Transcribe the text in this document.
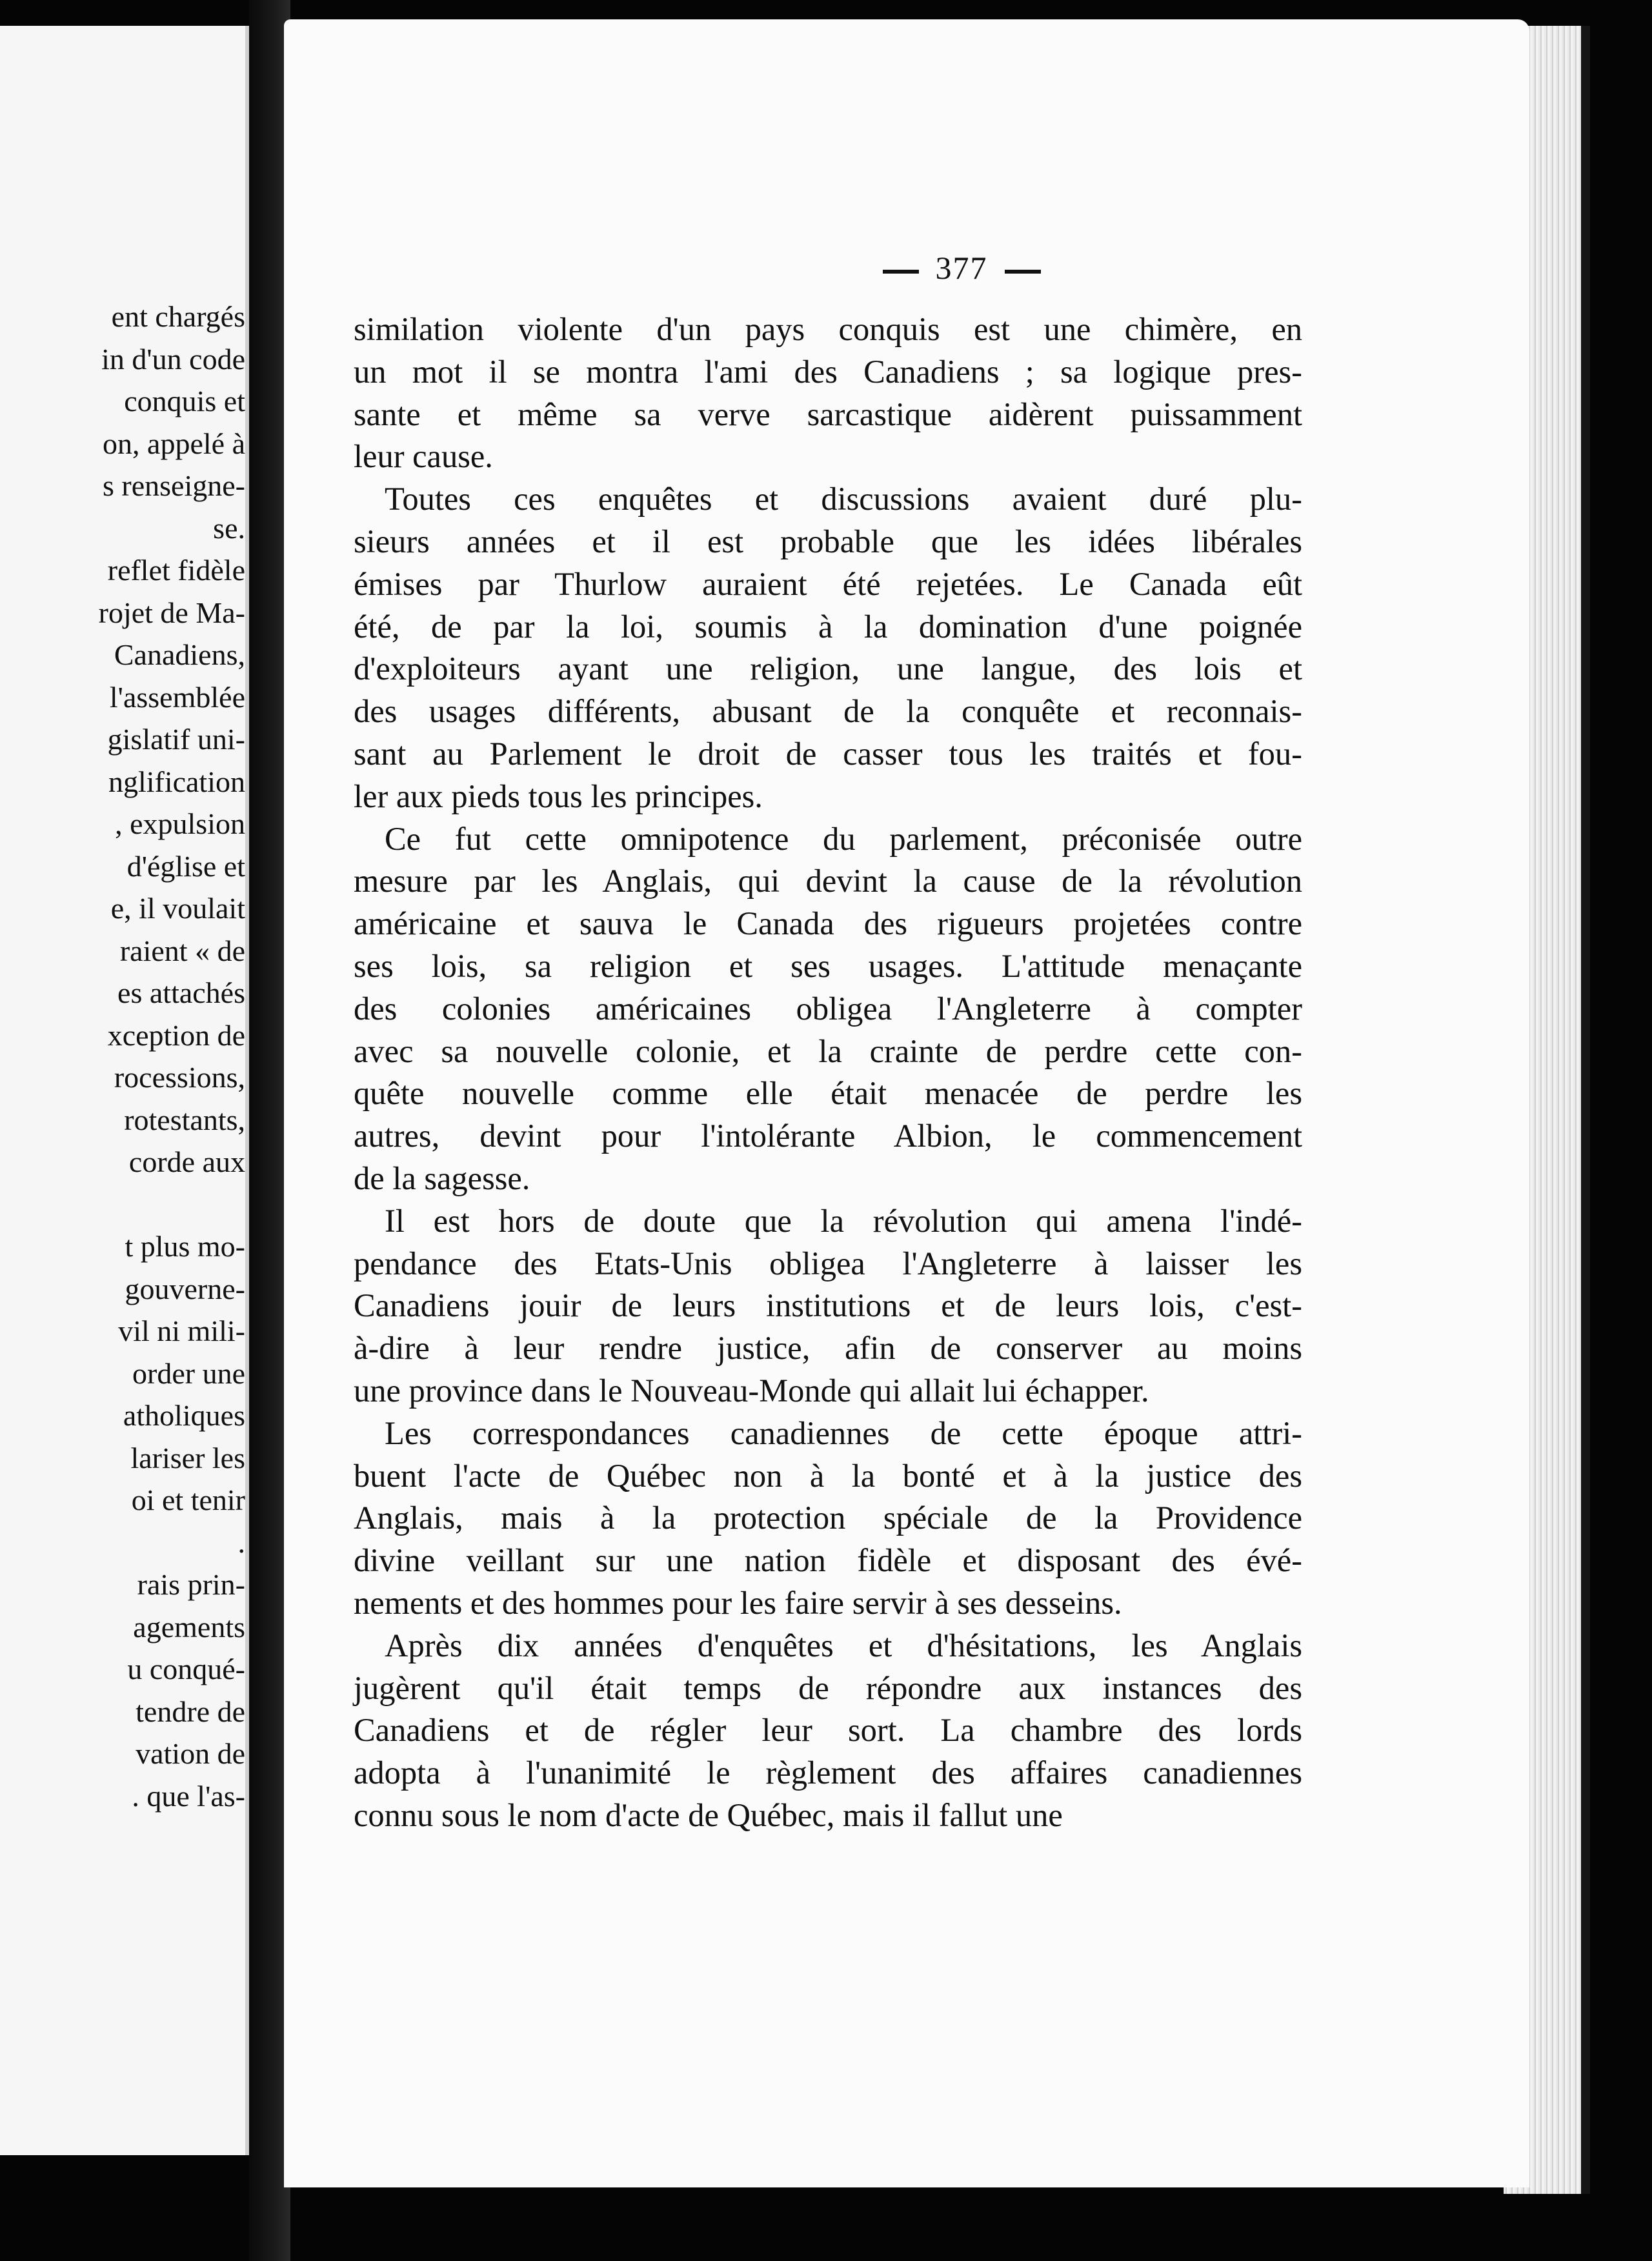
ent chargés
in d'un code
conquis et
on, appelé à
s renseigne-
se.
reflet fidèle
rojet de Ma-
Canadiens,
l'assemblée
gislatif uni-
nglification
, expulsion
d'église et
e, il voulait
raient « de
es attachés
xception de
rocessions,
rotestants,
corde aux

t plus mo-
gouverne-
vil ni mili-
order une
atholiques
lariser les
oi et tenir
.
rais prin-
agements
u conqué-
tendre de
vation de
. que l'as-
377
similation violente d'un pays conquis est une chimère, en
un mot il se montra l'ami des Canadiens ; sa logique pres-
sante et même sa verve sarcastique aidèrent puissamment
leur cause.
Toutes ces enquêtes et discussions avaient duré plu-
sieurs années et il est probable que les idées libérales
émises par Thurlow auraient été rejetées. Le Canada eût
été, de par la loi, soumis à la domination d'une poignée
d'exploiteurs ayant une religion, une langue, des lois et
des usages différents, abusant de la conquête et reconnais-
sant au Parlement le droit de casser tous les traités et fou-
ler aux pieds tous les principes.
Ce fut cette omnipotence du parlement, préconisée outre
mesure par les Anglais, qui devint la cause de la révolution
américaine et sauva le Canada des rigueurs projetées contre
ses lois, sa religion et ses usages. L'attitude menaçante
des colonies américaines obligea l'Angleterre à compter
avec sa nouvelle colonie, et la crainte de perdre cette con-
quête nouvelle comme elle était menacée de perdre les
autres, devint pour l'intolérante Albion, le commencement
de la sagesse.
Il est hors de doute que la révolution qui amena l'indé-
pendance des Etats-Unis obligea l'Angleterre à laisser les
Canadiens jouir de leurs institutions et de leurs lois, c'est-
à-dire à leur rendre justice, afin de conserver au moins
une province dans le Nouveau-Monde qui allait lui échapper.
Les correspondances canadiennes de cette époque attri-
buent l'acte de Québec non à la bonté et à la justice des
Anglais, mais à la protection spéciale de la Providence
divine veillant sur une nation fidèle et disposant des évé-
nements et des hommes pour les faire servir à ses desseins.
Après dix années d'enquêtes et d'hésitations, les Anglais
jugèrent qu'il était temps de répondre aux instances des
Canadiens et de régler leur sort. La chambre des lords
adopta à l'unanimité le règlement des affaires canadiennes
connu sous le nom d'acte de Québec, mais il fallut une
